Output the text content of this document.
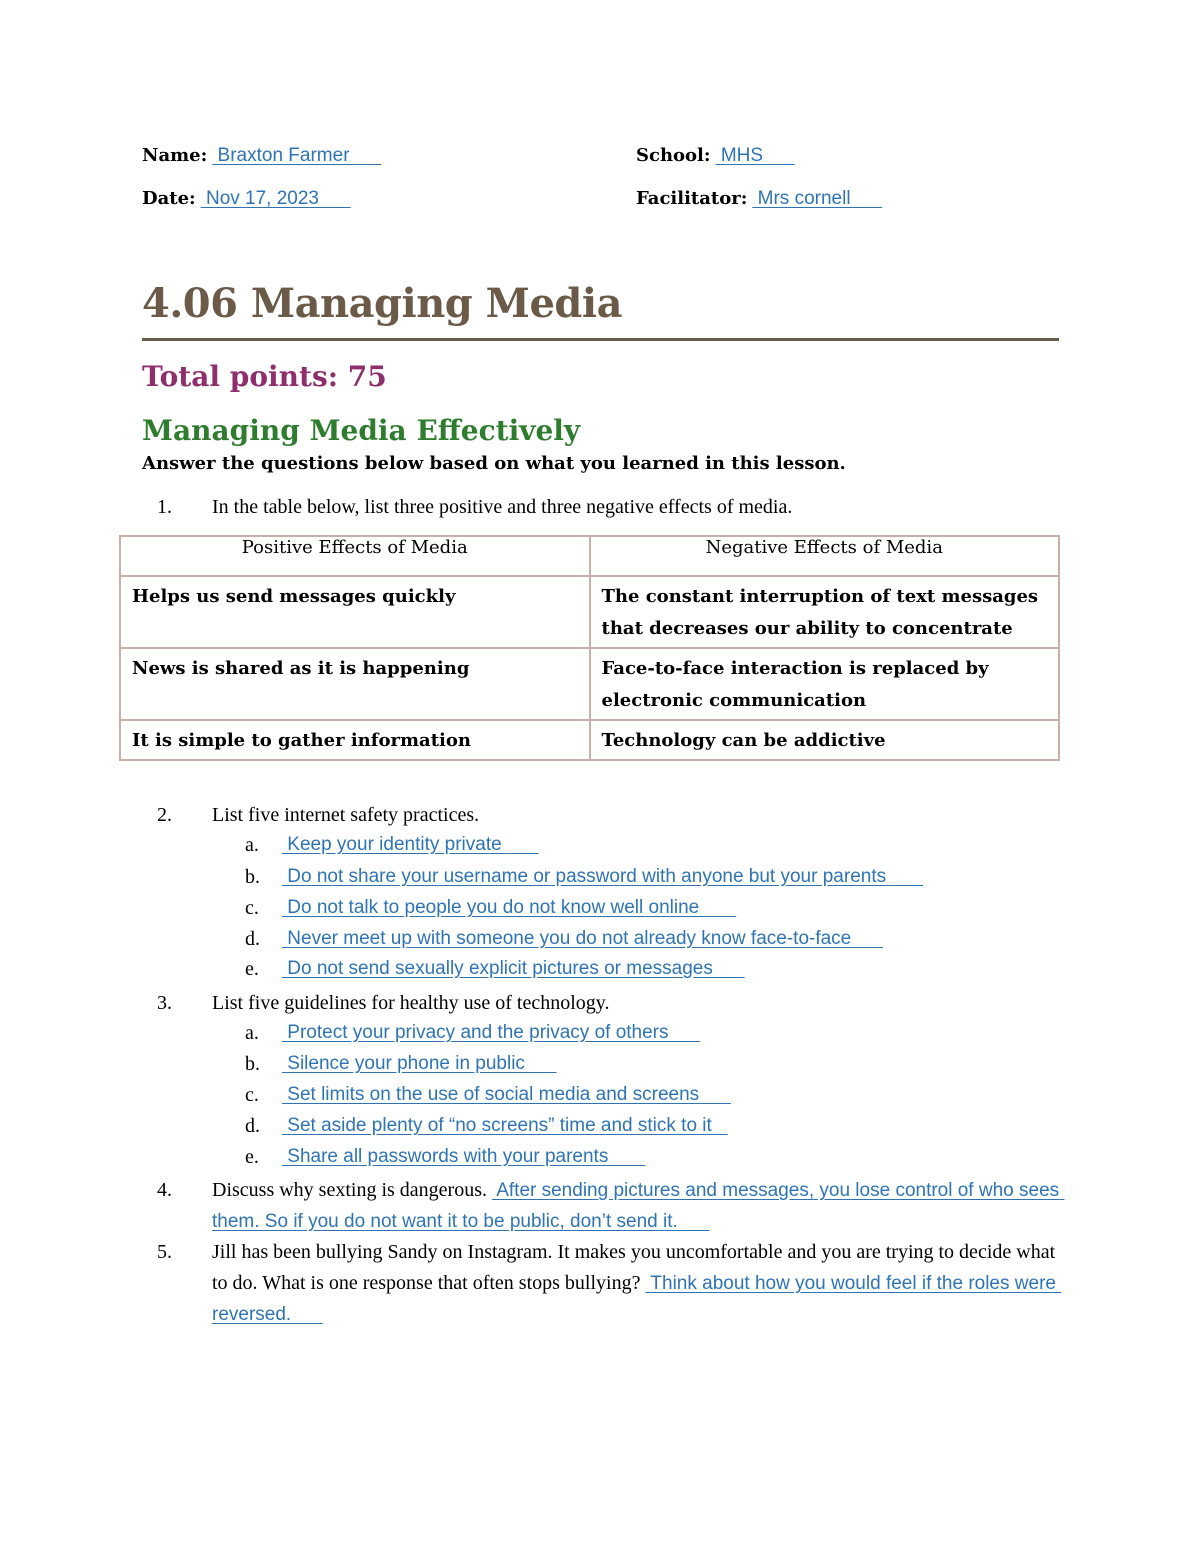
Name:  Braxton Farmer	School:  MHS
Date:  Nov 17, 2023	Facilitator:  Mrs cornell
4.06 Managing Media
Total points: 75
Managing Media Effectively
Answer the questions below based on what you learned in this lesson.
1. In the table below, list three positive and three negative effects of media.
Positive Effects of Media	Negative Effects of Media
Helps us send messages quickly	The constant interruption of text messages that decreases our ability to concentrate
News is shared as it is happening	Face-to-face interaction is replaced by electronic communication
It is simple to gather information	Technology can be addictive
2. List five internet safety practices.
a.	Keep your identity private
b. Do not share your username or password with anyone but your parents
c.	Do not talk to people you do not know well online
d. Never meet up with someone you do not already know face-to-face
e.	Do not send sexually explicit pictures or messages
3. List five guidelines for healthy use of technology.
a.	Protect your privacy and the privacy of others
b. Silence your phone in public
c.	Set limits on the use of social media and screens
d. Set aside plenty of “no screens” time and stick to it
e.	Share all passwords with your parents
4. Discuss why sexting is dangerous.  After sending pictures and messages, you lose control of who sees them. So if you do not want it to be public, don’t send it.
5. Jill has been bullying Sandy on Instagram. It makes you uncomfortable and you are trying to decide what to do. What is one response that often stops bullying?  Think about how you would feel if the roles were reversed.
